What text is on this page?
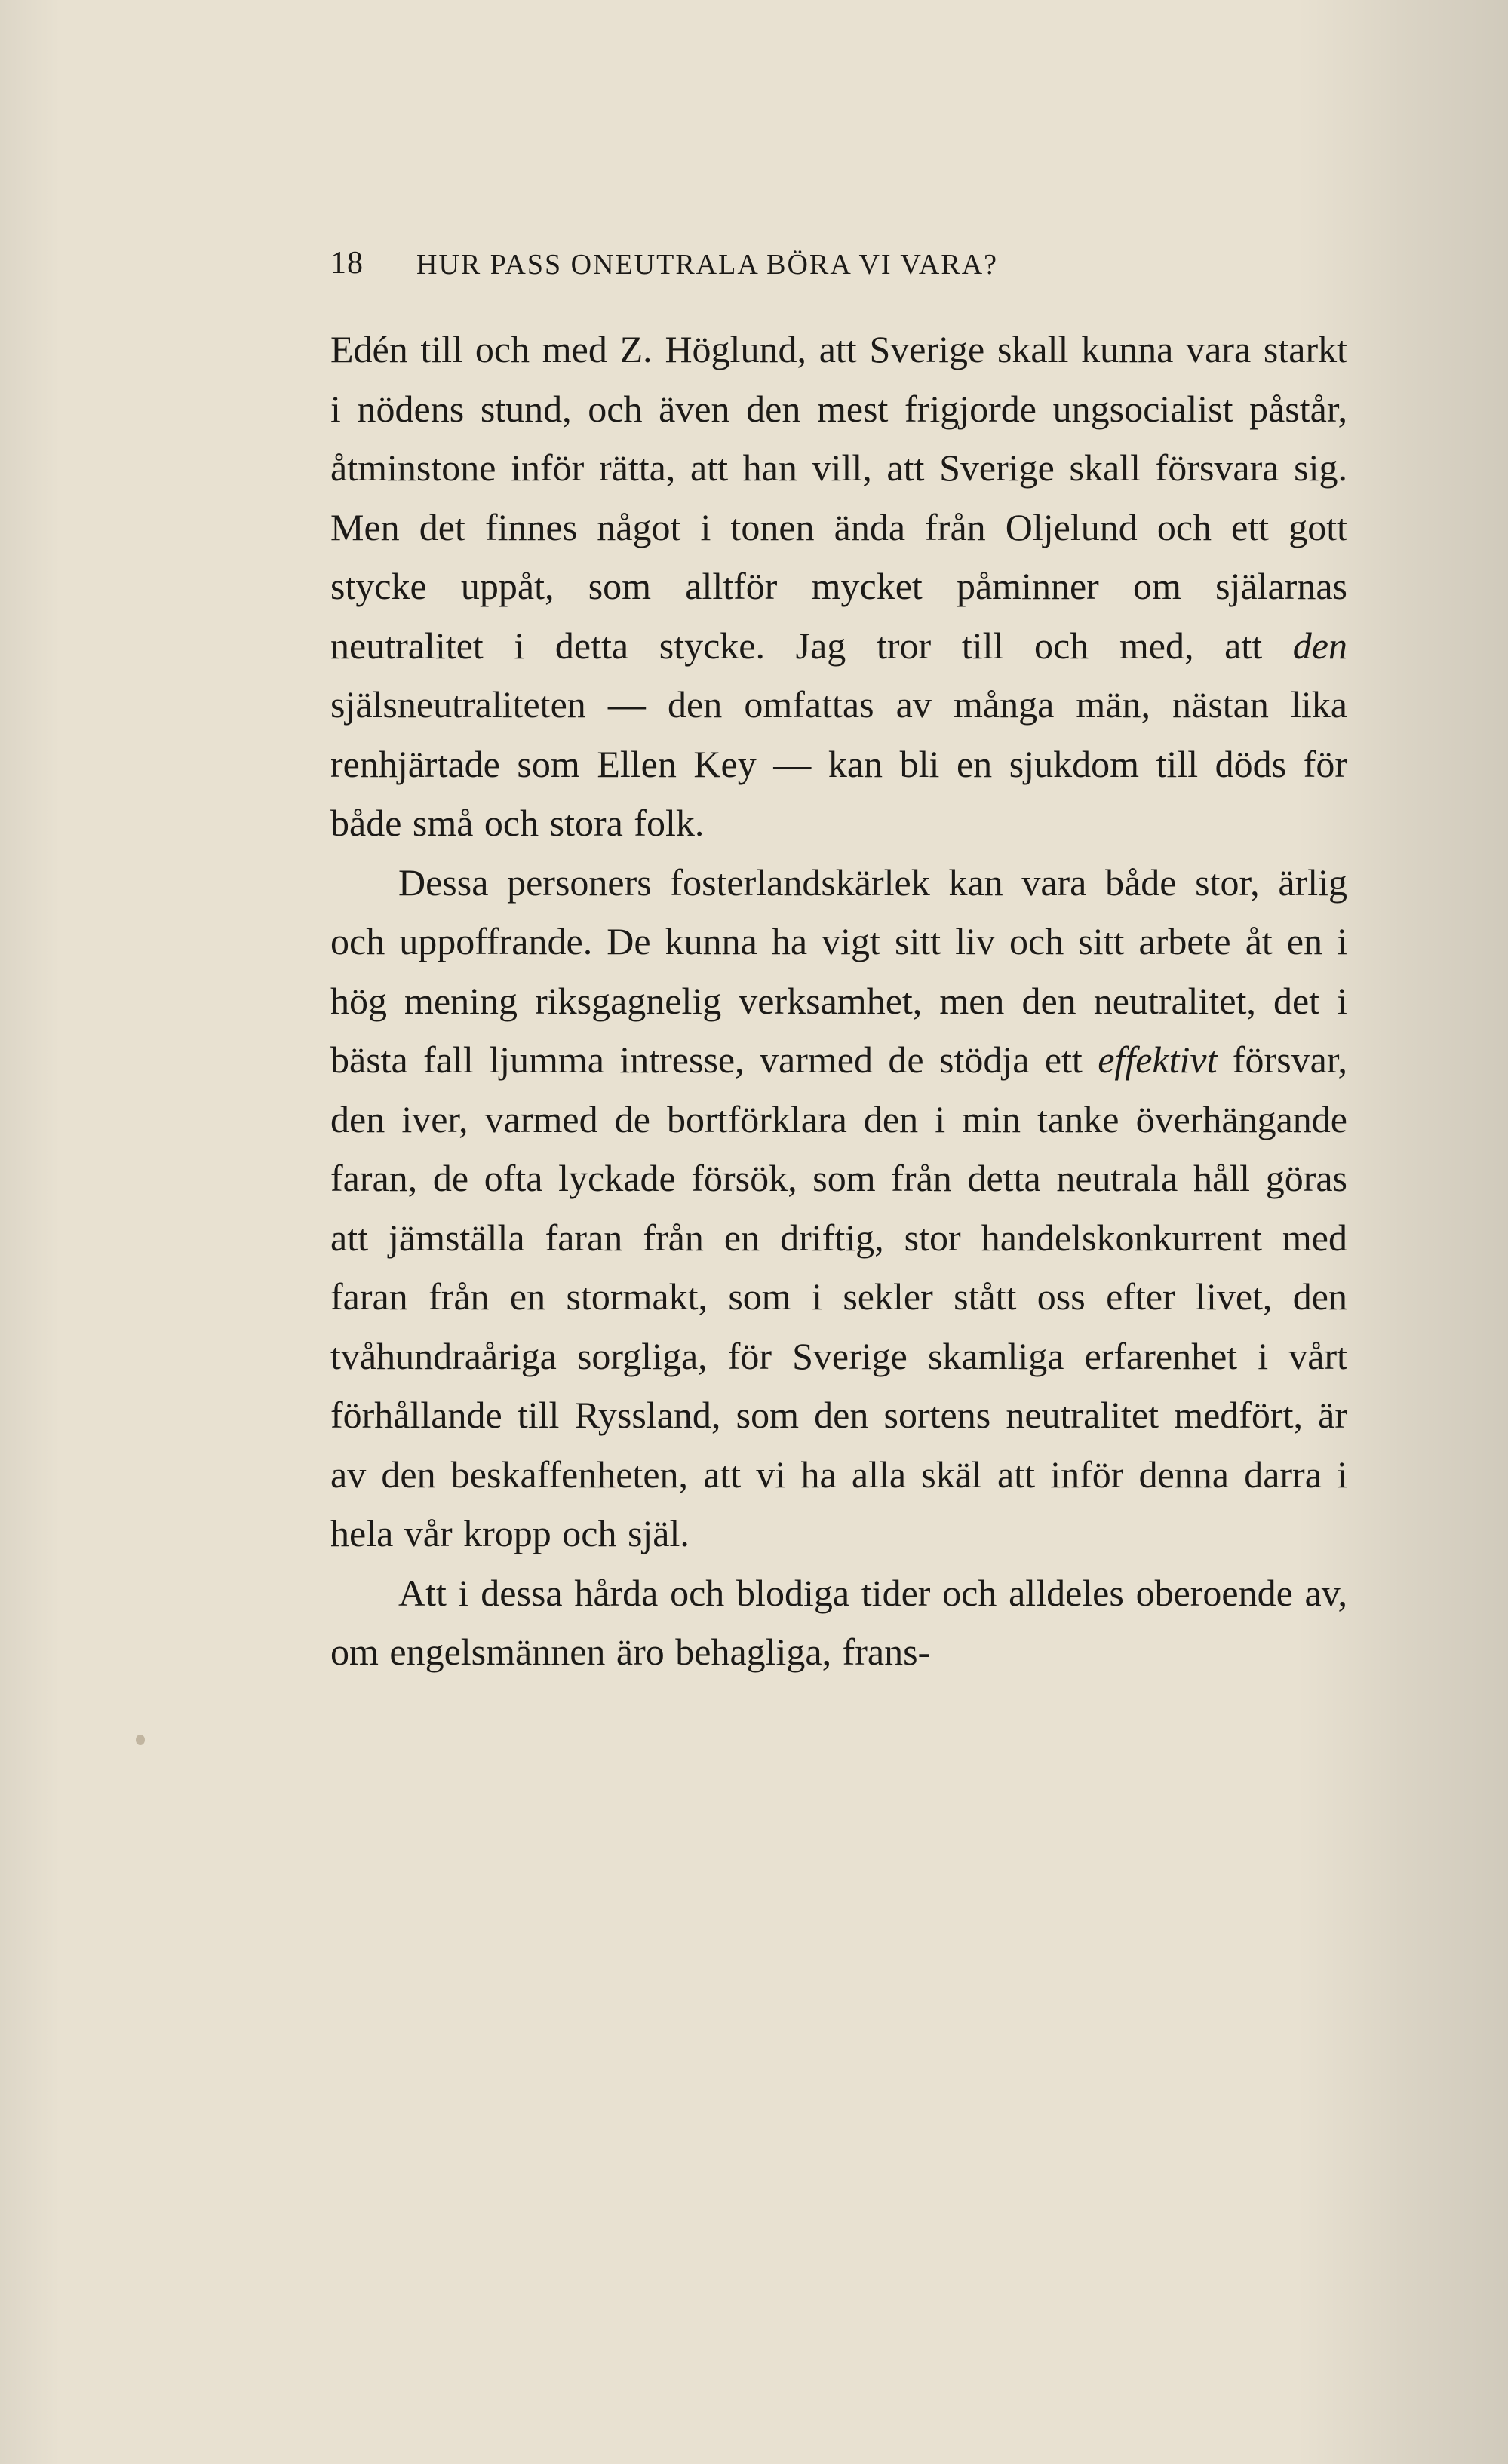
18 HUR PASS ONEUTRALA BÖRA VI VARA?

Edén till och med Z. Höglund, att Sverige skall kunna vara starkt i nödens stund, och även den mest frigjorde ungsocialist påstår, åtminstone inför rätta, att han vill, att Sverige skall försvara sig. Men det finnes något i tonen ända från Oljelund och ett gott stycke uppåt, som alltför mycket påminner om själarnas neutralitet i detta stycke. Jag tror till och med, att den själsneutraliteten — den omfattas av många män, nästan lika renhjärtade som Ellen Key — kan bli en sjukdom till döds för både små och stora folk.

Dessa personers fosterlandskärlek kan vara både stor, ärlig och uppoffrande. De kunna ha vigt sitt liv och sitt arbete åt en i hög mening riksgagnelig verksamhet, men den neutralitet, det i bästa fall ljumma intresse, varmed de stödja ett effektivt försvar, den iver, varmed de bortförklara den i min tanke överhängande faran, de ofta lyckade försök, som från detta neutrala håll göras att jämställa faran från en driftig, stor handelskonkurrent med faran från en stormakt, som i sekler stått oss efter livet, den tvåhundraåriga sorgliga, för Sverige skamliga erfarenhet i vårt förhållande till Ryssland, som den sortens neutralitet medfört, är av den beskaffenheten, att vi ha alla skäl att inför denna darra i hela vår kropp och själ.

Att i dessa hårda och blodiga tider och alldeles oberoende av, om engelsmännen äro behagliga, frans-
